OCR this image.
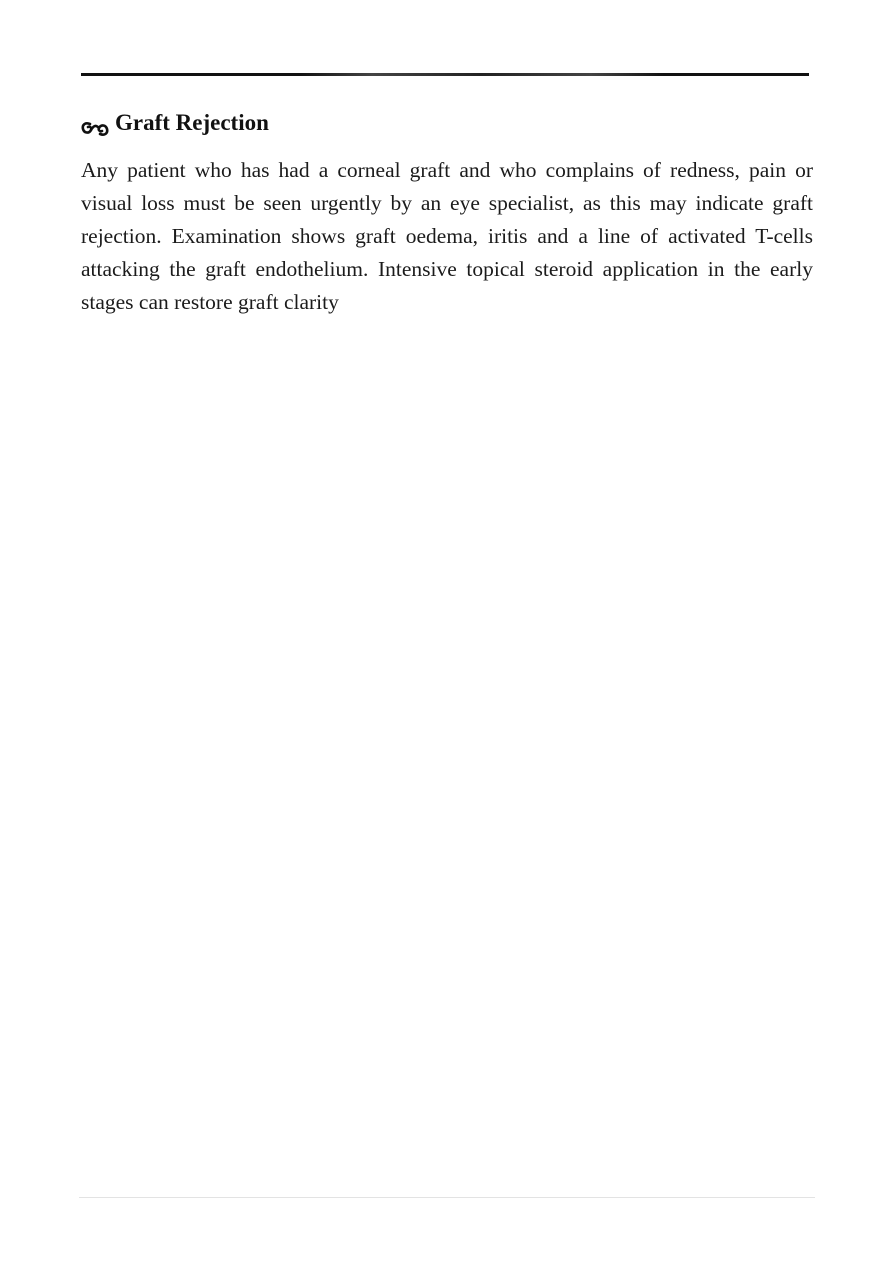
Graft Rejection

Any patient who has had a corneal graft and who complains of redness, pain or visual loss must be seen urgently by an eye specialist, as this may indicate graft rejection. Examination shows graft oedema, iritis and a line of activated T-cells attacking the graft endothelium. Intensive topical steroid application in the early stages can restore graft clarity
